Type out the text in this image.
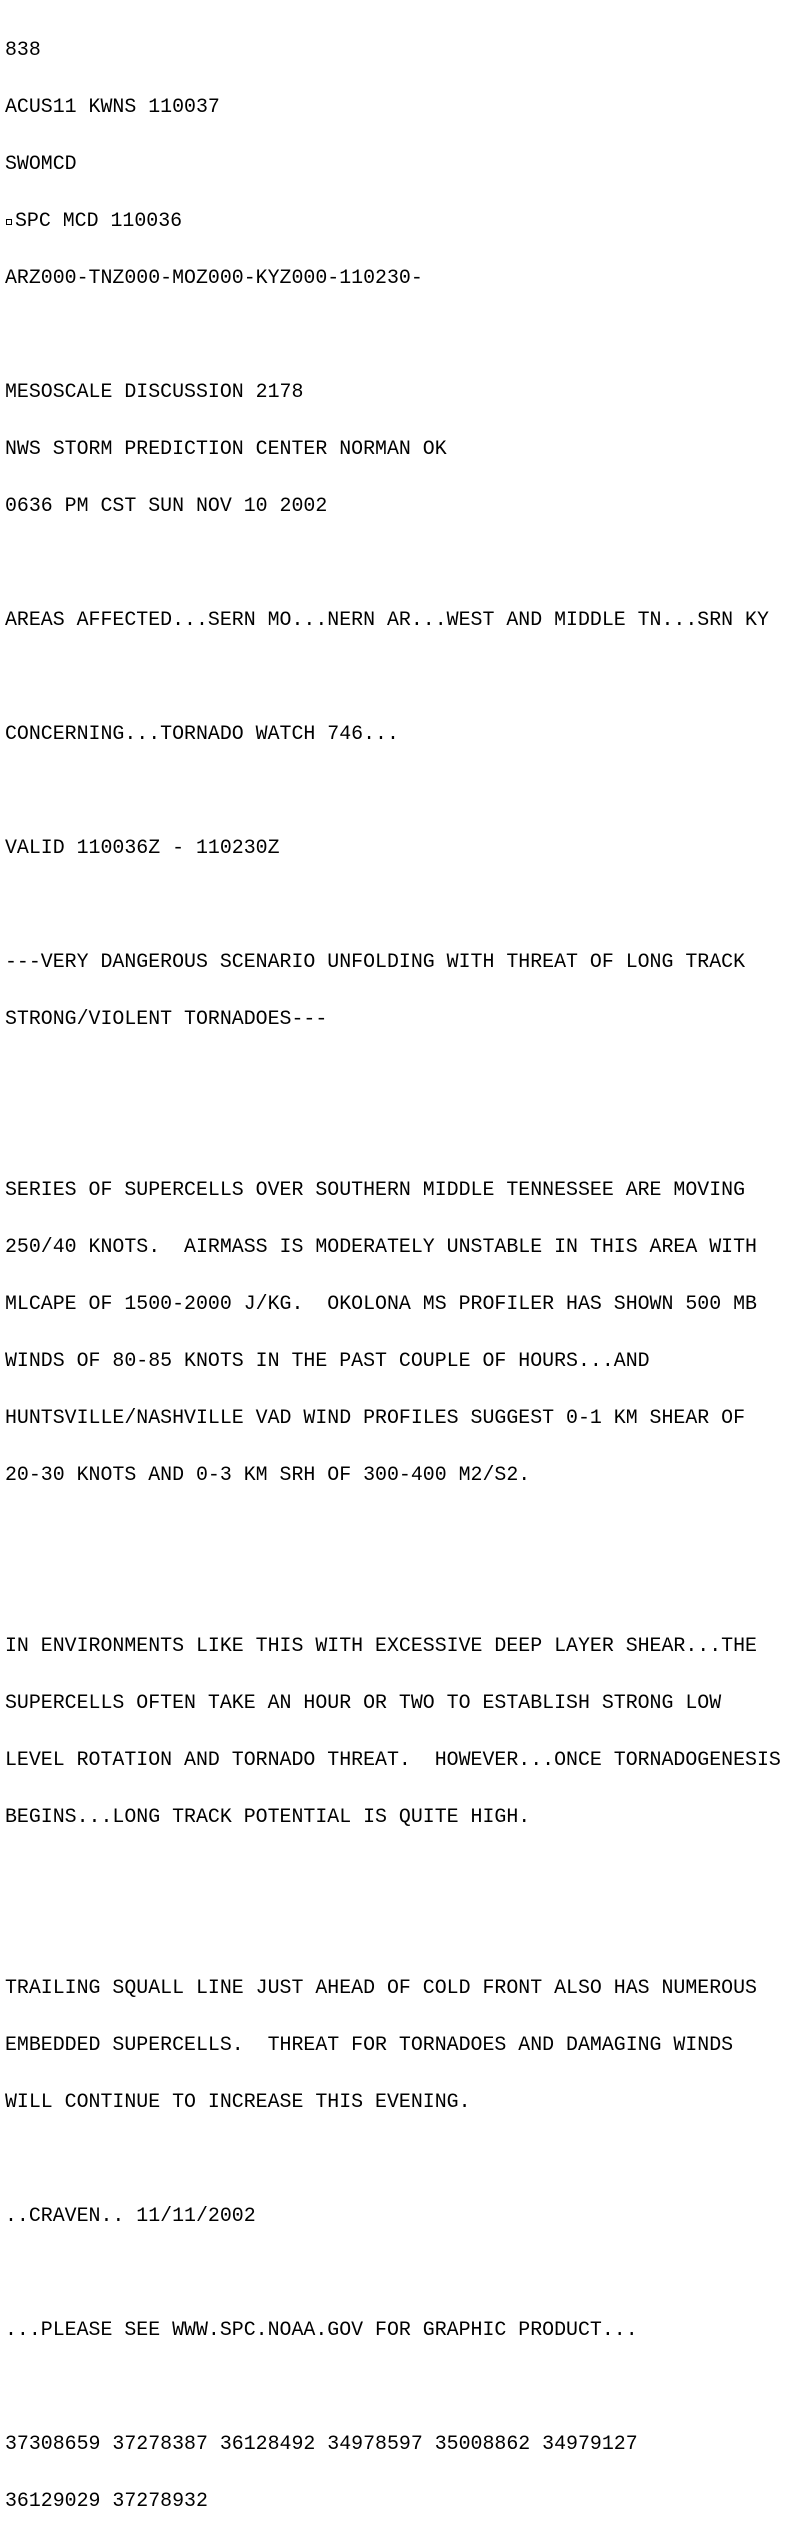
838

ACUS11 KWNS 110037

SWOMCD

SPC MCD 110036

ARZ000-TNZ000-MOZ000-KYZ000-110230-

MESOSCALE DISCUSSION 2178

NWS STORM PREDICTION CENTER NORMAN OK

0636 PM CST SUN NOV 10 2002

AREAS AFFECTED...SERN MO...NERN AR...WEST AND MIDDLE TN...SRN KY

CONCERNING...TORNADO WATCH 746...

VALID 110036Z - 110230Z

---VERY DANGEROUS SCENARIO UNFOLDING WITH THREAT OF LONG TRACK

STRONG/VIOLENT TORNADOES---

SERIES OF SUPERCELLS OVER SOUTHERN MIDDLE TENNESSEE ARE MOVING

250/40 KNOTS.  AIRMASS IS MODERATELY UNSTABLE IN THIS AREA WITH

MLCAPE OF 1500-2000 J/KG.  OKOLONA MS PROFILER HAS SHOWN 500 MB

WINDS OF 80-85 KNOTS IN THE PAST COUPLE OF HOURS...AND

HUNTSVILLE/NASHVILLE VAD WIND PROFILES SUGGEST 0-1 KM SHEAR OF

20-30 KNOTS AND 0-3 KM SRH OF 300-400 M2/S2.

IN ENVIRONMENTS LIKE THIS WITH EXCESSIVE DEEP LAYER SHEAR...THE

SUPERCELLS OFTEN TAKE AN HOUR OR TWO TO ESTABLISH STRONG LOW

LEVEL ROTATION AND TORNADO THREAT.  HOWEVER...ONCE TORNADOGENESIS

BEGINS...LONG TRACK POTENTIAL IS QUITE HIGH.

TRAILING SQUALL LINE JUST AHEAD OF COLD FRONT ALSO HAS NUMEROUS

EMBEDDED SUPERCELLS.  THREAT FOR TORNADOES AND DAMAGING WINDS

WILL CONTINUE TO INCREASE THIS EVENING.

..CRAVEN.. 11/11/2002

...PLEASE SEE WWW.SPC.NOAA.GOV FOR GRAPHIC PRODUCT...

37308659 37278387 36128492 34978597 35008862 34979127

36129029 37278932
